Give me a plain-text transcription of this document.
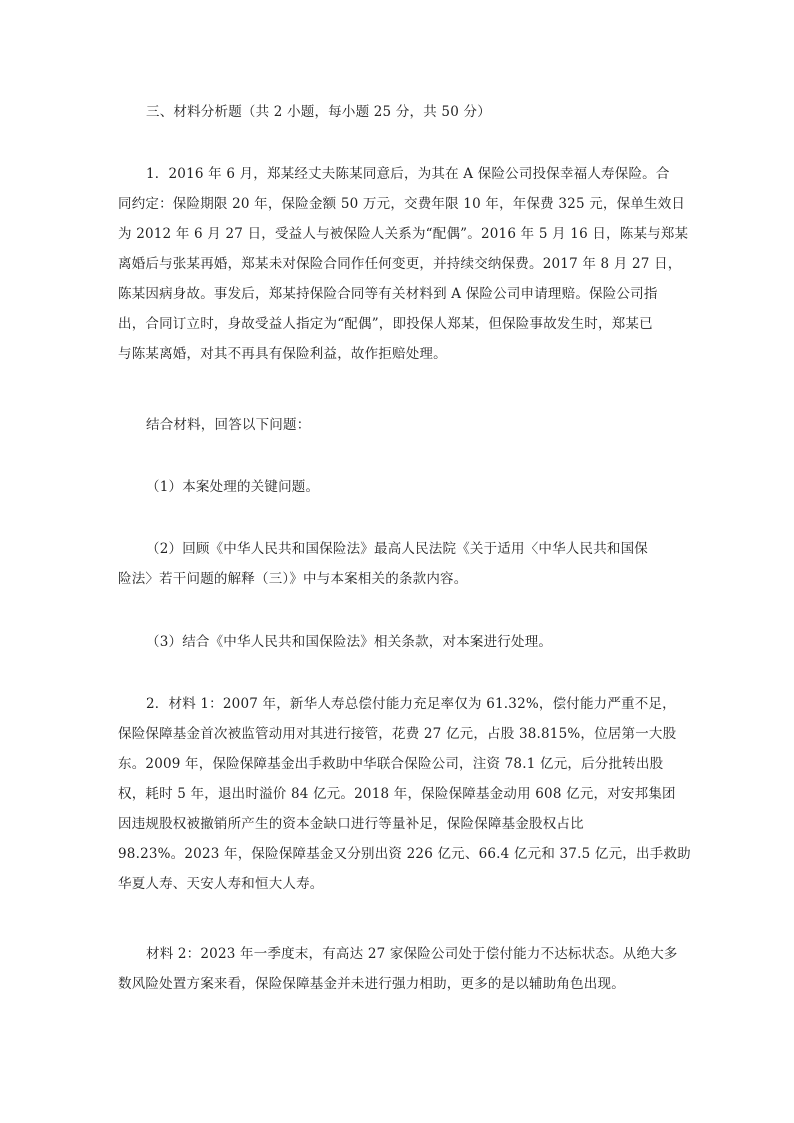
三、材料分析题（共 2 小题，每小题 25 分，共 50 分）
1．2016 年 6 月，郑某经丈夫陈某同意后，为其在 A 保险公司投保幸福人寿保险。合
同约定：保险期限 20 年，保险金额 50 万元，交费年限 10 年，年保费 325 元，保单生效日
为 2012 年 6 月 27 日，受益人与被保险人关系为“配偶”。2016 年 5 月 16 日，陈某与郑某
离婚后与张某再婚，郑某未对保险合同作任何变更，并持续交纳保费。2017 年 8 月 27 日，
陈某因病身故。事发后，郑某持保险合同等有关材料到 A 保险公司申请理赔。保险公司指
出，合同订立时，身故受益人指定为“配偶”，即投保人郑某，但保险事故发生时，郑某已
与陈某离婚，对其不再具有保险利益，故作拒赔处理。
结合材料，回答以下问题：
（1）本案处理的关键问题。
（2）回顾《中华人民共和国保险法》最高人民法院《关于适用〈中华人民共和国保
险法〉若干问题的解释（三）》中与本案相关的条款内容。
（3）结合《中华人民共和国保险法》相关条款，对本案进行处理。
2．材料 1：2007 年，新华人寿总偿付能力充足率仅为 61.32%，偿付能力严重不足，
保险保障基金首次被监管动用对其进行接管，花费 27 亿元，占股 38.815%，位居第一大股
东。2009 年，保险保障基金出手救助中华联合保险公司，注资 78.1 亿元，后分批转出股
权，耗时 5 年，退出时溢价 84 亿元。2018 年，保险保障基金动用 608 亿元，对安邦集团
因违规股权被撤销所产生的资本金缺口进行等量补足，保险保障基金股权占比
98.23%。2023 年，保险保障基金又分别出资 226 亿元、66.4 亿元和 37.5 亿元，出手救助
华夏人寿、天安人寿和恒大人寿。
材料 2：2023 年一季度末，有高达 27 家保险公司处于偿付能力不达标状态。从绝大多
数风险处置方案来看，保险保障基金并未进行强力相助，更多的是以辅助角色出现。
